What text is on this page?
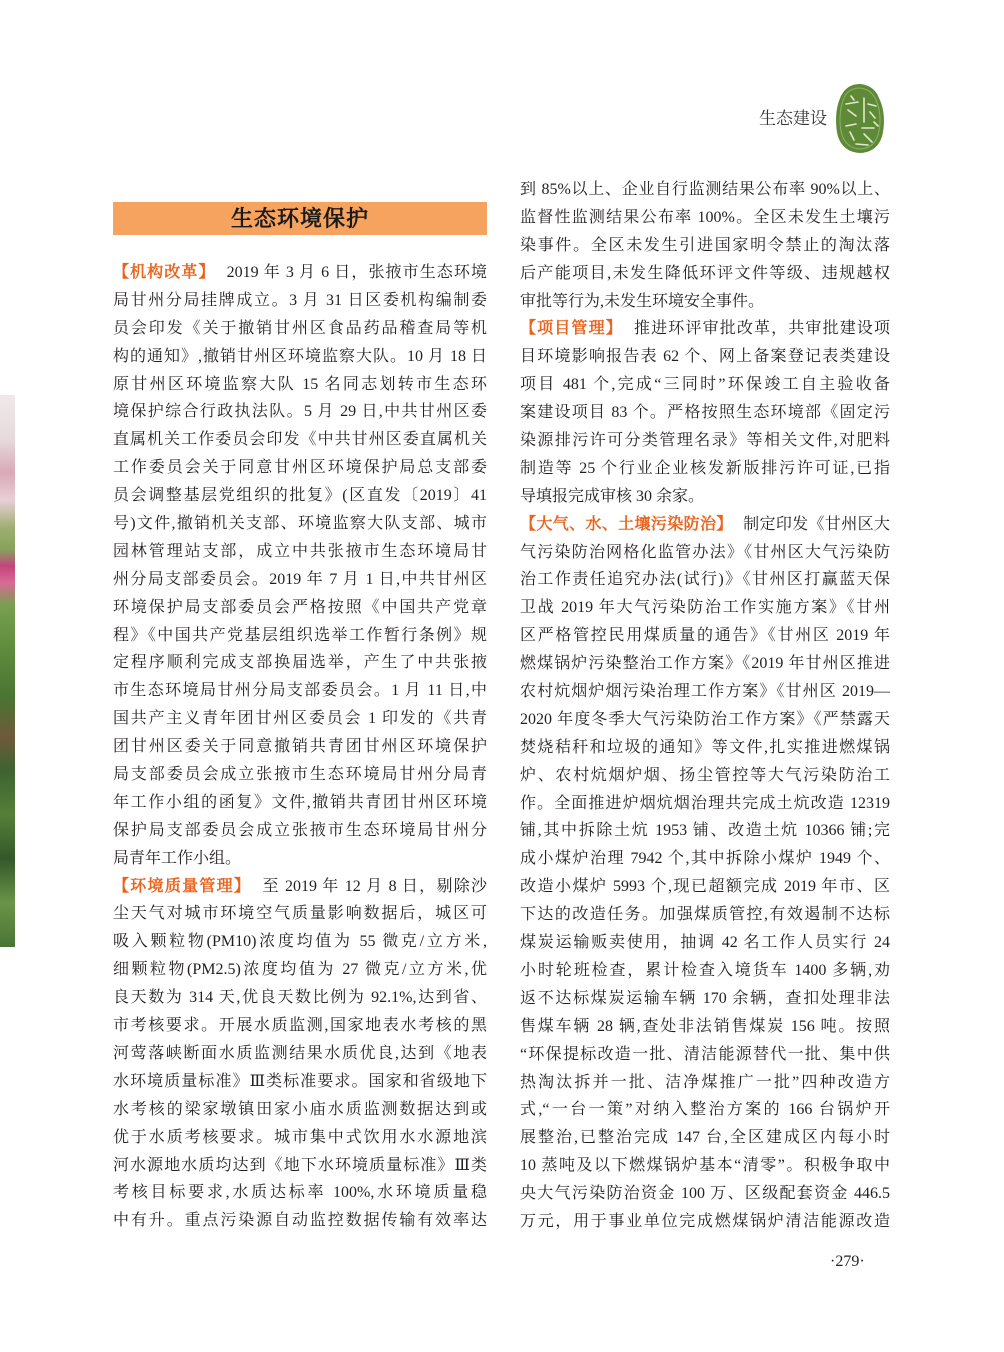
生态建设
生态环境保护
【机构改革】 2019 年 3 月 6 日，张掖市生态环境
局甘州分局挂牌成立。3 月 31 日区委机构编制委
员会印发《关于撤销甘州区食品药品稽查局等机
构的通知》,撤销甘州区环境监察大队。10 月 18 日
原甘州区环境监察大队 15 名同志划转市生态环
境保护综合行政执法队。5 月 29 日,中共甘州区委
直属机关工作委员会印发《中共甘州区委直属机关
工作委员会关于同意甘州区环境保护局总支部委
员会调整基层党组织的批复》(区直发〔2019〕41
号)文件,撤销机关支部、环境监察大队支部、城市
园林管理站支部，成立中共张掖市生态环境局甘
州分局支部委员会。2019 年 7 月 1 日,中共甘州区
环境保护局支部委员会严格按照《中国共产党章
程》《中国共产党基层组织选举工作暂行条例》规
定程序顺利完成支部换届选举，产生了中共张掖
市生态环境局甘州分局支部委员会。1 月 11 日,中
国共产主义青年团甘州区委员会 1 印发的《共青
团甘州区委关于同意撤销共青团甘州区环境保护
局支部委员会成立张掖市生态环境局甘州分局青
年工作小组的函复》文件,撤销共青团甘州区环境
保护局支部委员会成立张掖市生态环境局甘州分
局青年工作小组。
【环境质量管理】 至 2019 年 12 月 8 日，剔除沙
尘天气对城市环境空气质量影响数据后，城区可
吸入颗粒物(PM10)浓度均值为 55 微克/立方米,
细颗粒物(PM2.5)浓度均值为 27 微克/立方米,优
良天数为 314 天,优良天数比例为 92.1%,达到省、
市考核要求。开展水质监测,国家地表水考核的黑
河莺落峡断面水质监测结果水质优良,达到《地表
水环境质量标准》Ⅲ类标准要求。国家和省级地下
水考核的梁家墩镇田家小庙水质监测数据达到或
优于水质考核要求。城市集中式饮用水水源地滨
河水源地水质均达到《地下水环境质量标准》Ⅲ类
考核目标要求,水质达标率 100%,水环境质量稳
中有升。重点污染源自动监控数据传输有效率达
到 85%以上、企业自行监测结果公布率 90%以上、
监督性监测结果公布率 100%。全区未发生土壤污
染事件。全区未发生引进国家明令禁止的淘汰落
后产能项目,未发生降低环评文件等级、违规越权
审批等行为,未发生环境安全事件。
【项目管理】 推进环评审批改革，共审批建设项
目环境影响报告表 62 个、网上备案登记表类建设
项目 481 个,完成“三同时”环保竣工自主验收备
案建设项目 83 个。严格按照生态环境部《固定污
染源排污许可分类管理名录》等相关文件,对肥料
制造等 25 个行业企业核发新版排污许可证,已指
导填报完成审核 30 余家。
【大气、水、土壤污染防治】 制定印发《甘州区大
气污染防治网格化监管办法》《甘州区大气污染防
治工作责任追究办法(试行)》《甘州区打赢蓝天保
卫战 2019 年大气污染防治工作实施方案》《甘州
区严格管控民用煤质量的通告》《甘州区 2019 年
燃煤锅炉污染整治工作方案》《2019 年甘州区推进
农村炕烟炉烟污染治理工作方案》《甘州区 2019—
2020 年度冬季大气污染防治工作方案》《严禁露天
焚烧秸秆和垃圾的通知》等文件,扎实推进燃煤锅
炉、农村炕烟炉烟、扬尘管控等大气污染防治工
作。全面推进炉烟炕烟治理共完成土炕改造 12319
铺,其中拆除土炕 1953 铺、改造土炕 10366 铺;完
成小煤炉治理 7942 个,其中拆除小煤炉 1949 个、
改造小煤炉 5993 个,现已超额完成 2019 年市、区
下达的改造任务。加强煤质管控,有效遏制不达标
煤炭运输贩卖使用，抽调 42 名工作人员实行 24
小时轮班检查，累计检查入境货车 1400 多辆,劝
返不达标煤炭运输车辆 170 余辆，查扣处理非法
售煤车辆 28 辆,查处非法销售煤炭 156 吨。按照
“环保提标改造一批、清洁能源替代一批、集中供
热淘汰拆并一批、洁净煤推广一批”四种改造方
式,“一台一策”对纳入整治方案的 166 台锅炉开
展整治,已整治完成 147 台,全区建成区内每小时
10 蒸吨及以下燃煤锅炉基本“清零”。积极争取中
央大气污染防治资金 100 万、区级配套资金 446.5
万元，用于事业单位完成燃煤锅炉清洁能源改造
·279·
